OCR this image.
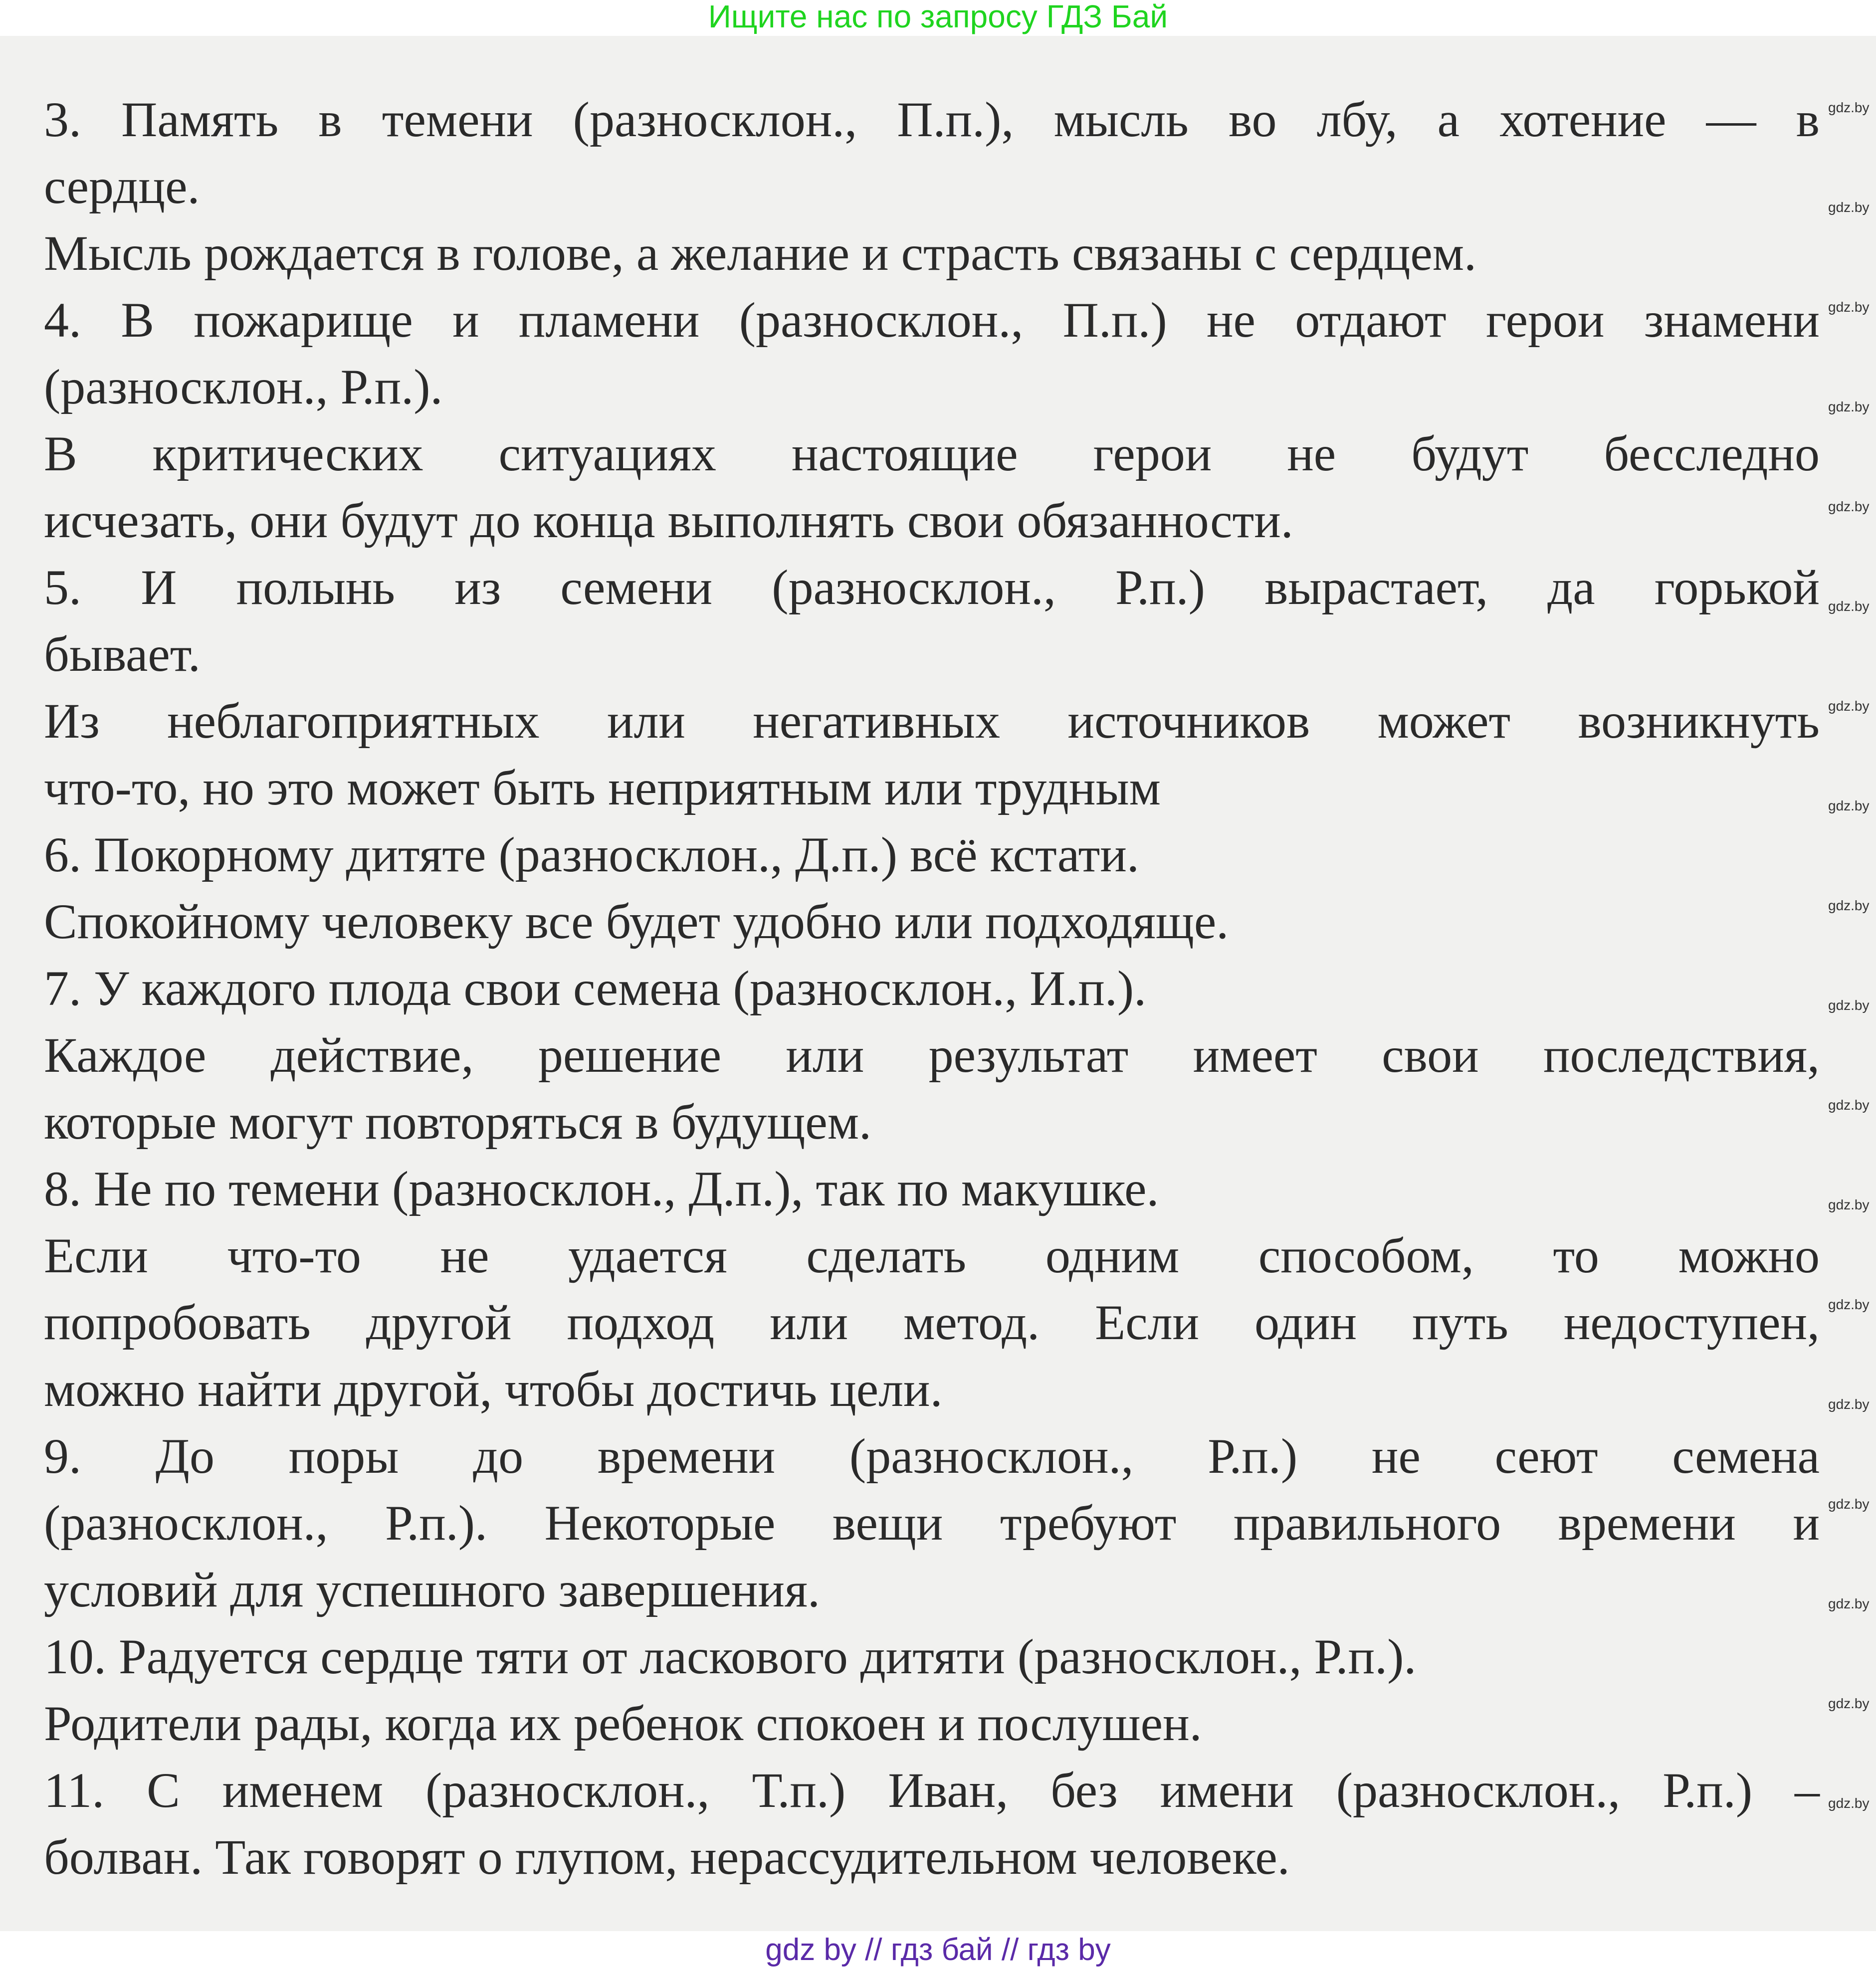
Ищите нас по запросу ГДЗ Бай
3. Память в темени (разносклон., П.п.), мысль во лбу, а хотение — в
сердце.
Мысль рождается в голове, а желание и страсть связаны с сердцем.
4. В пожарище и пламени (разносклон., П.п.) не отдают герои знамени
(разносклон., Р.п.).
В критических ситуациях настоящие герои не будут бесследно
исчезать, они будут до конца выполнять свои обязанности.
5. И полынь из семени (разносклон., Р.п.) вырастает, да горькой
бывает.
Из неблагоприятных или негативных источников может возникнуть
что-то, но это может быть неприятным или трудным
6. Покорному дитяте (разносклон., Д.п.) всё кстати.
Спокойному человеку все будет удобно или подходяще.
7. У каждого плода свои семена (разносклон., И.п.).
Каждое действие, решение или результат имеет свои последствия,
которые могут повторяться в будущем.
8. Не по темени (разносклон., Д.п.), так по макушке.
Если что-то не удается сделать одним способом, то можно
попробовать другой подход или метод. Если один путь недоступен,
можно найти другой, чтобы достичь цели.
9. До поры до времени (разносклон., Р.п.) не сеют семена
(разносклон., Р.п.). Некоторые вещи требуют правильного времени и
условий для успешного завершения.
10. Радуется сердце тяти от ласкового дитяти (разносклон., Р.п.).
Родители рады, когда их ребенок спокоен и послушен.
11. С именем (разносклон., Т.п.) Иван, без имени (разносклон., Р.п.) –
болван. Так говорят о глупом, нерассудительном человеке.
gdz.by
gdz.by
gdz.by
gdz.by
gdz.by
gdz.by
gdz.by
gdz.by
gdz.by
gdz.by
gdz.by
gdz.by
gdz.by
gdz.by
gdz.by
gdz.by
gdz.by
gdz.by
gdz by // гдз бай // гдз by
